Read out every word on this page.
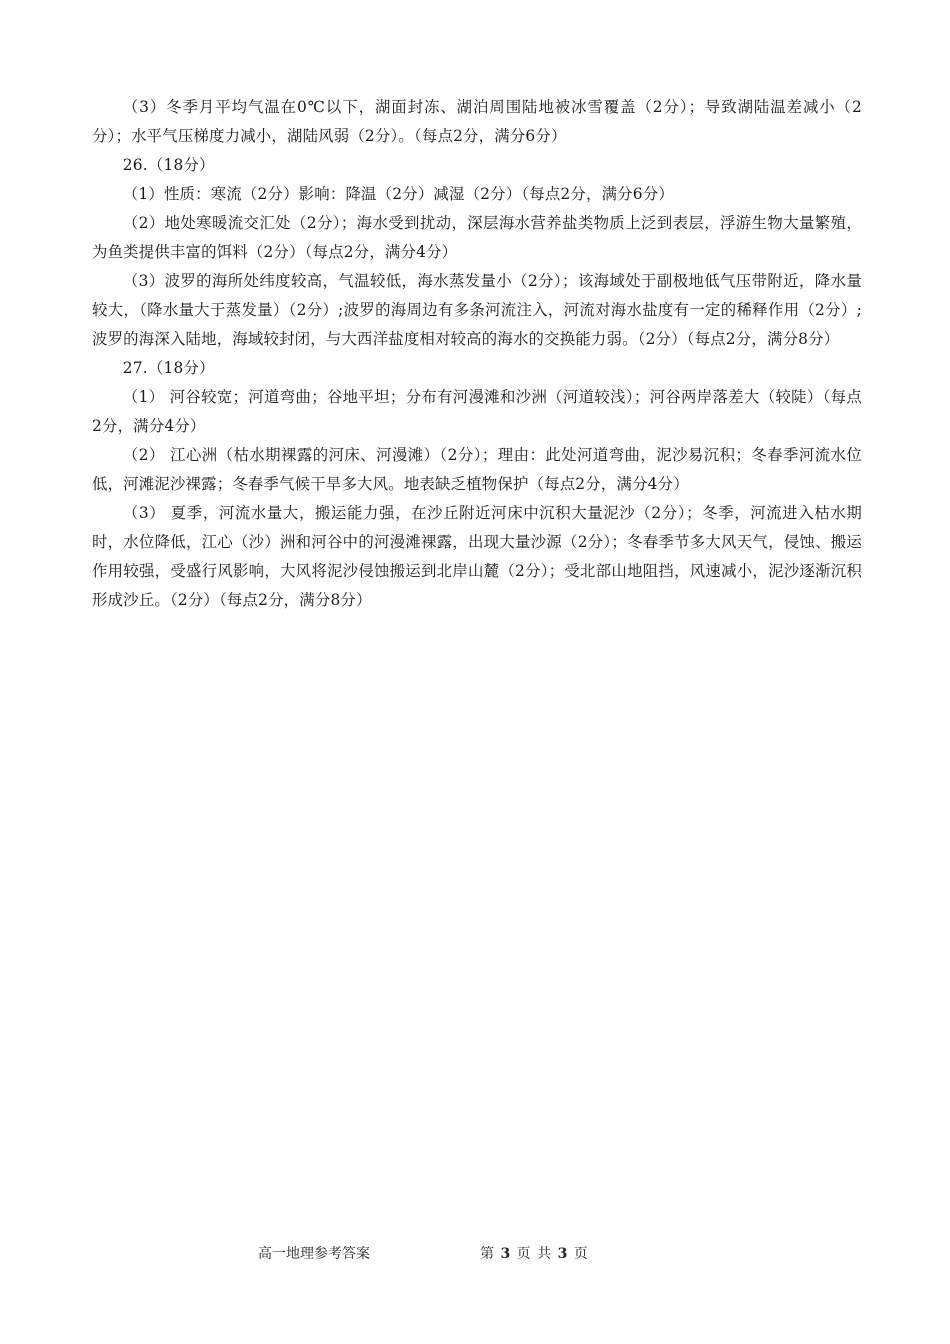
（3）冬季月平均气温在0℃以下，湖面封冻、湖泊周围陆地被冰雪覆盖（2分）；导致湖陆温差减小（2分）；水平气压梯度力减小，湖陆风弱（2分）。（每点2分，满分6分）

26.（18分）

（1）性质：寒流（2分）影响：降温（2分）减湿（2分）（每点2分，满分6分）

（2）地处寒暖流交汇处（2分）；海水受到扰动，深层海水营养盐类物质上泛到表层，浮游生物大量繁殖，为鱼类提供丰富的饵料（2分）（每点2分，满分4分）

（3）波罗的海所处纬度较高，气温较低，海水蒸发量小（2分）；该海域处于副极地低气压带附近，降水量较大，（降水量大于蒸发量）（2分）;波罗的海周边有多条河流注入，河流对海水盐度有一定的稀释作用（2分）;波罗的海深入陆地，海域较封闭，与大西洋盐度相对较高的海水的交换能力弱。（2分）（每点2分，满分8分）

27.（18分）

（1） 河谷较宽；河道弯曲；谷地平坦；分布有河漫滩和沙洲（河道较浅）；河谷两岸落差大（较陡）（每点2分，满分4分）

（2） 江心洲（枯水期裸露的河床、河漫滩）（2分）；理由：此处河道弯曲，泥沙易沉积；冬春季河流水位低，河滩泥沙裸露；冬春季气候干旱多大风。地表缺乏植物保护（每点2分，满分4分）

（3） 夏季，河流水量大，搬运能力强，在沙丘附近河床中沉积大量泥沙（2分）；冬季，河流进入枯水期时，水位降低，江心（沙）洲和河谷中的河漫滩裸露，出现大量沙源（2分）；冬春季节多大风天气，侵蚀、搬运作用较强，受盛行风影响，大风将泥沙侵蚀搬运到北岸山麓（2分）；受北部山地阻挡，风速减小，泥沙逐渐沉积形成沙丘。（2分）（每点2分，满分8分）

高一地理参考答案	第 3 页 共 3 页
